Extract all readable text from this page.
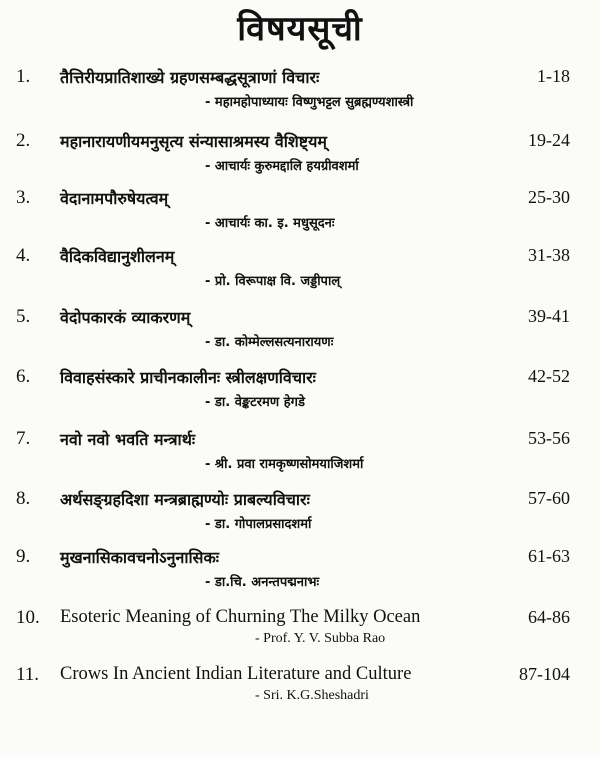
विषयसूची
1. तैत्तिरीयप्रातिशाख्ये ग्रहणसम्बद्धसूत्राणां विचारः	1-18
- महामहोपाध्यायः विष्णुभट्टल सुब्रह्मण्यशास्त्री
2. महानारायणीयमनुसृत्य संन्यासाश्रमस्य वैशिष्ट्यम्	19-24
- आचार्यः कुरुमद्दालि हयग्रीवशर्मा
3. वेदानामपौरुषेयत्वम्	25-30
- आचार्यः का. इ. मधुसूदनः
4. वैदिकविद्यानुशीलनम्	31-38
- प्रो. विरूपाक्ष वि. जड्डीपाल्
5. वेदोपकारकं व्याकरणम्	39-41
- डा. कोम्मेल्लसत्यनारायणः
6. विवाहसंस्कारे प्राचीनकालीनः स्त्रीलक्षणविचारः	42-52
- डा. वेङ्कटरमण हेगडे
7. नवो नवो भवति मन्त्रार्थः	53-56
- श्री. प्रवा रामकृष्णसोमयाजिशर्मा
8. अर्थसङ्ग्रहदिशा मन्त्रब्राह्मण्योः प्राबल्यविचारः	57-60
- डा. गोपालप्रसादशर्मा
9. मुखनासिकावचनोऽनुनासिकः	61-63
- डा.चि. अनन्तपद्मनाभः
10. Esoteric Meaning of Churning The Milky Ocean	64-86
- Prof. Y. V. Subba Rao
11. Crows In Ancient Indian Literature and Culture	87-104
- Sri. K.G.Sheshadri
